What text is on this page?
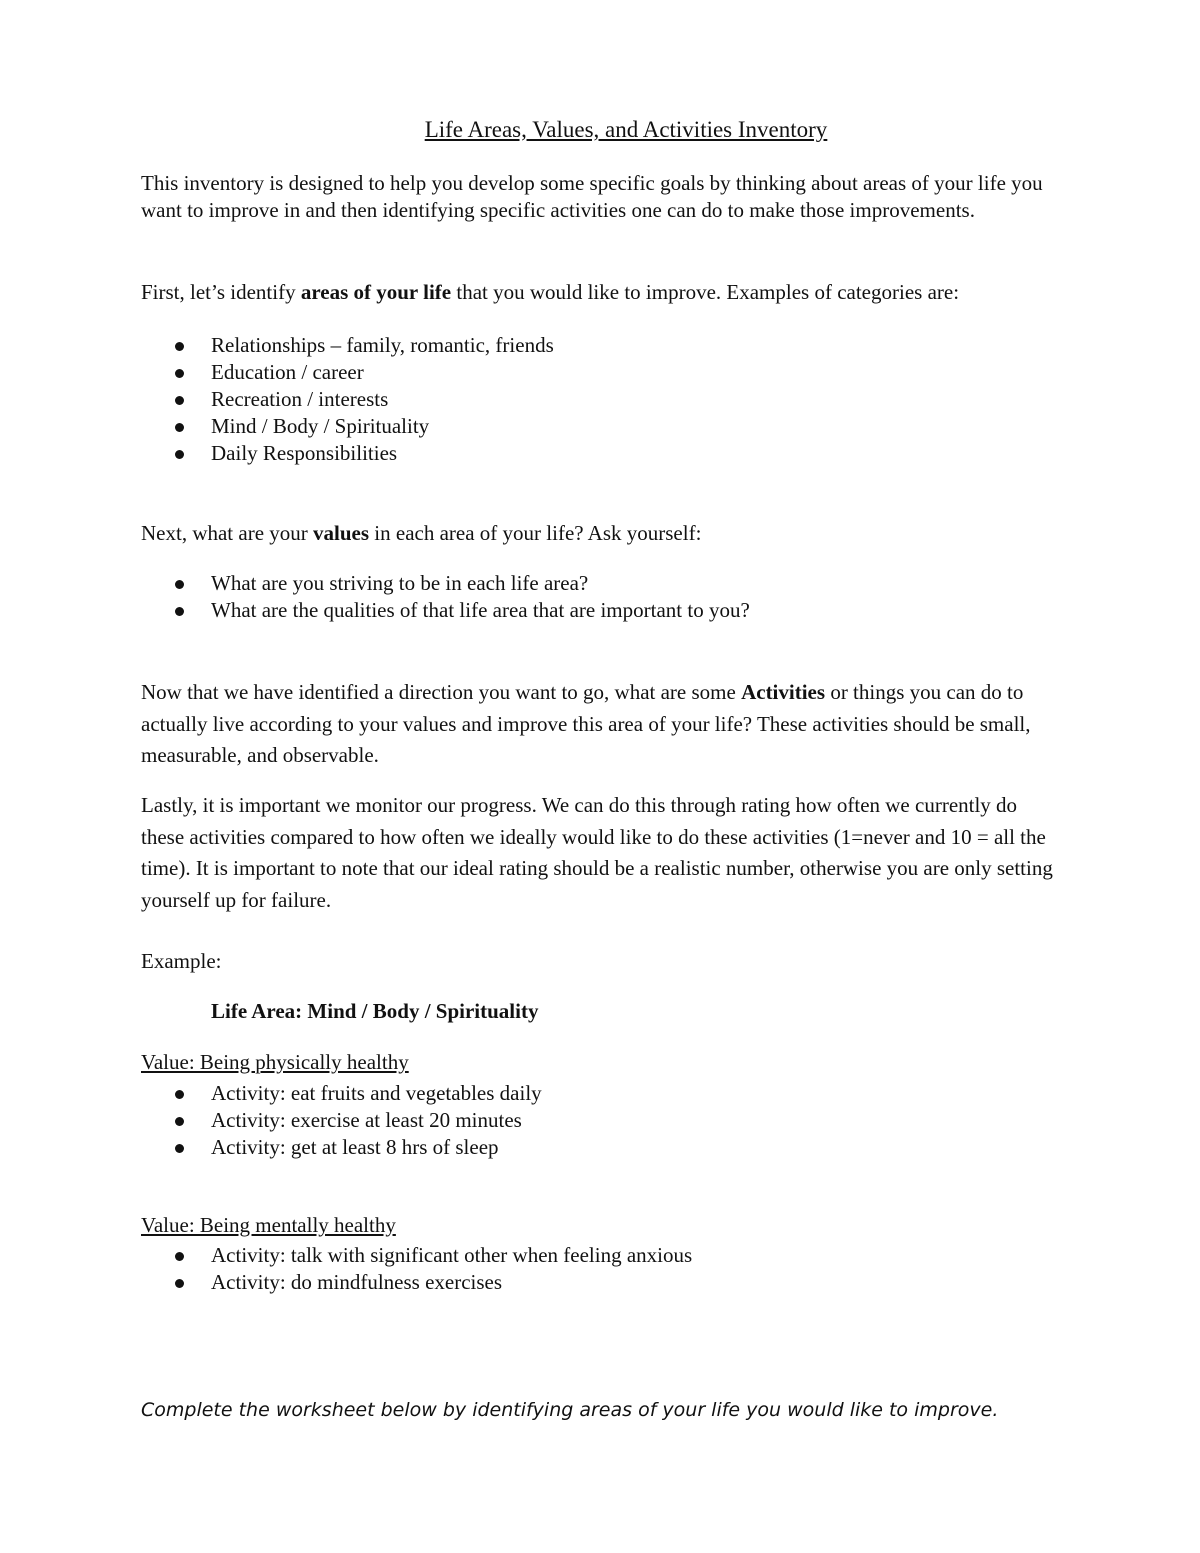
Life Areas, Values, and Activities Inventory

This inventory is designed to help you develop some specific goals by thinking about areas of your life you want to improve in and then identifying specific activities one can do to make those improvements.

First, let’s identify areas of your life that you would like to improve. Examples of categories are:

Relationships – family, romantic, friends
Education / career
Recreation / interests
Mind / Body / Spirituality
Daily Responsibilities

Next, what are your values in each area of your life? Ask yourself:

What are you striving to be in each life area?
What are the qualities of that life area that are important to you?

Now that we have identified a direction you want to go, what are some Activities or things you can do to actually live according to your values and improve this area of your life? These activities should be small, measurable, and observable.

Lastly, it is important we monitor our progress. We can do this through rating how often we currently do these activities compared to how often we ideally would like to do these activities (1=never and 10 = all the time). It is important to note that our ideal rating should be a realistic number, otherwise you are only setting yourself up for failure.

Example:

Life Area: Mind / Body / Spirituality

Value: Being physically healthy

Activity: eat fruits and vegetables daily
Activity: exercise at least 20 minutes
Activity: get at least 8 hrs of sleep

Value: Being mentally healthy

Activity: talk with significant other when feeling anxious
Activity: do mindfulness exercises

Complete the worksheet below by identifying areas of your life you would like to improve.
